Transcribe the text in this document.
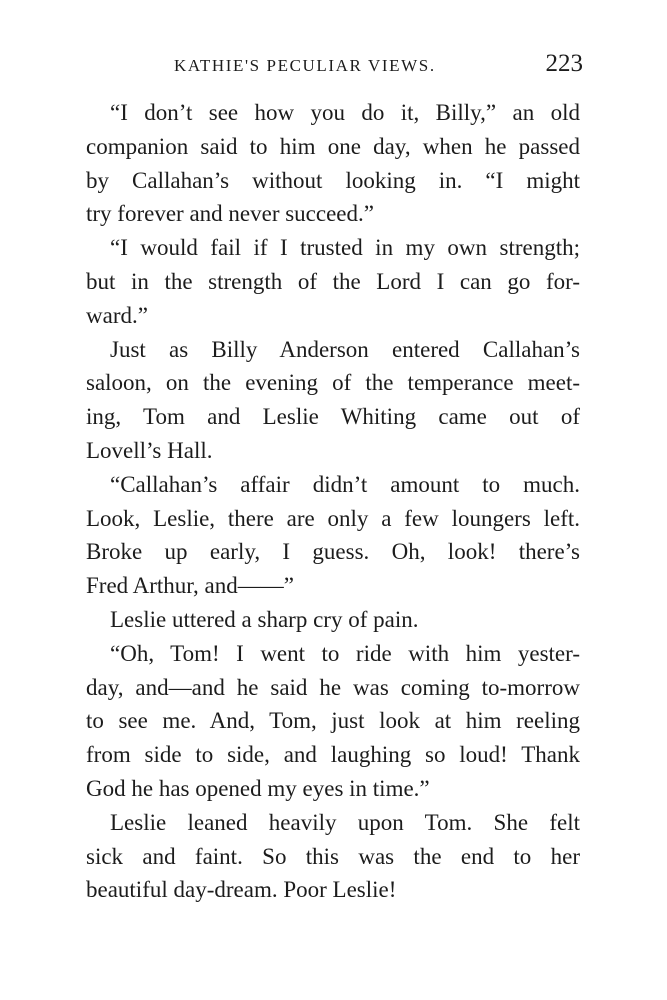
KATHIE'S PECULIAR VIEWS.	223
“I don’t see how you do it, Billy,” an old
companion said to him one day, when he passed
by Callahan’s without looking in. “I might
try forever and never succeed.”
“I would fail if I trusted in my own strength;
but in the strength of the Lord I can go for-
ward.”
Just as Billy Anderson entered Callahan’s
saloon, on the evening of the temperance meet-
ing, Tom and Leslie Whiting came out of
Lovell’s Hall.
“Callahan’s affair didn’t amount to much.
Look, Leslie, there are only a few loungers left.
Broke up early, I guess. Oh, look! there’s
Fred Arthur, and——”
Leslie uttered a sharp cry of pain.
“Oh, Tom! I went to ride with him yester-
day, and—and he said he was coming to-morrow
to see me. And, Tom, just look at him reeling
from side to side, and laughing so loud! Thank
God he has opened my eyes in time.”
Leslie leaned heavily upon Tom. She felt
sick and faint. So this was the end to her
beautiful day-dream. Poor Leslie!
